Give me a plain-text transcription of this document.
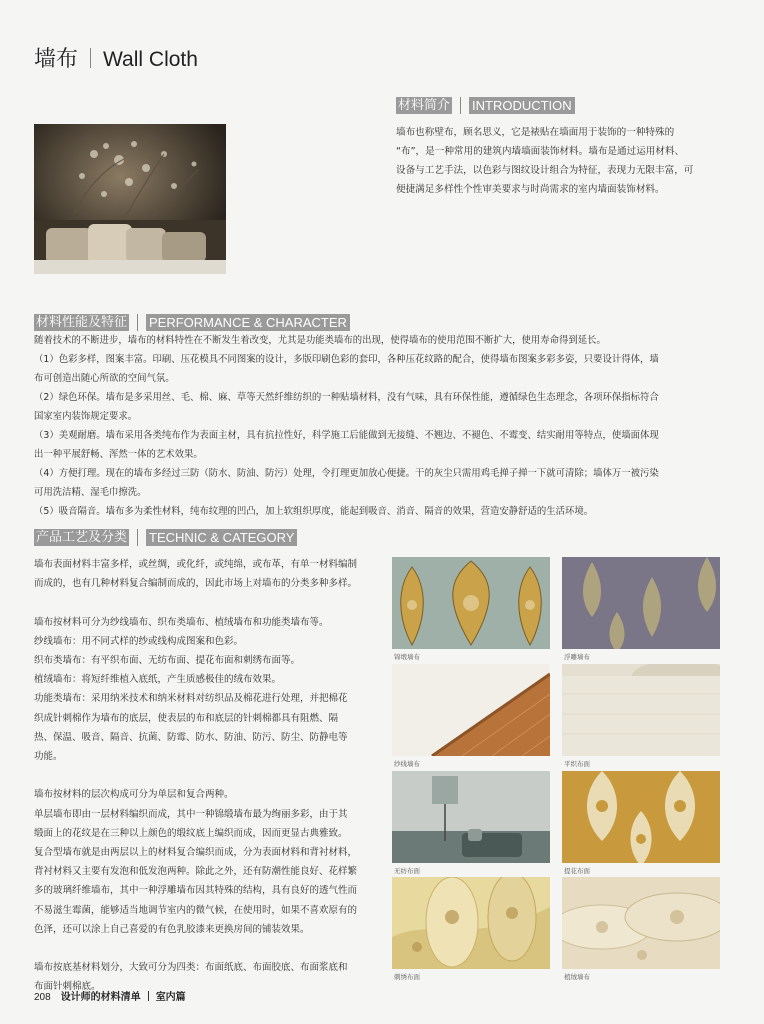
墙布 Wall Cloth
材料简介 INTRODUCTION

墙布也称壁布，顾名思义，它是裱贴在墙面用于装饰的一种特殊的

“布”，是一种常用的建筑内墙墙面装饰材料。墙布是通过运用材料、

设备与工艺手法，以色彩与图纹设计组合为特征，表现力无限丰富，可

便捷满足多样性个性审美要求与时尚需求的室内墙面装饰材料。

材料性能及特征 PERFORMANCE & CHARACTER

随着技术的不断进步，墙布的材料特性在不断发生着改变，尤其是功能类墙布的出现，使得墙布的使用范围不断扩大，使用寿命得到延长。

（1）色彩多样，图案丰富。印刷、压花模具不同图案的设计，多版印刷色彩的套印，各种压花纹路的配合，使得墙布图案多彩多姿，只要设计得体，墙

布可创造出随心所欲的空间气氛。

（2）绿色环保。墙布是多采用丝、毛、棉、麻、草等天然纤维纺织的一种贴墙材料，没有气味，具有环保性能，遵循绿色生态理念，各项环保指标符合

国家室内装饰规定要求。

（3）美观耐磨。墙布采用各类纯布作为表面主材，具有抗拉性好，科学施工后能做到无接缝、不翘边、不褪色、不霉变、结实耐用等特点，使墙面体现

出一种平展舒畅、浑然一体的艺术效果。

（4）方便打理。现在的墙布多经过三防（防水、防油、防污）处理，令打理更加放心便捷。干的灰尘只需用鸡毛掸子掸一下就可清除；墙体万一被污染

可用洗洁精、湿毛巾擦洗。

（5）吸音隔音。墙布多为柔性材料，纯布纹理的凹凸，加上软组织厚度，能起到吸音、消音、隔音的效果，营造安静舒适的生活环境。

产品工艺及分类 TECHNIC & CATEGORY

墙布表面材料丰富多样，或丝绸，或化纤，或纯绵，或布革，有单一材料编制

而成的，也有几种材料复合编制而成的，因此市场上对墙布的分类多种多样。

墙布按材料可分为纱线墙布、织布类墙布、植绒墙布和功能类墙布等。

纱线墙布：用不同式样的纱或线构成图案和色彩。

织布类墙布：有平织布面、无纺布面、提花布面和刺绣布面等。

植绒墙布：将短纤维植入底纸，产生质感极佳的绒布效果。

功能类墙布：采用纳米技术和纳米材料对纺织品及棉花进行处理，并把棉花

织成针刺棉作为墙布的底层，使表层的布和底层的针刺棉都具有阻燃、隔

热、保温、吸音、隔音、抗菌、防霉、防水、防油、防污、防尘、防静电等

功能。

墙布按材料的层次构成可分为单层和复合两种。

单层墙布即由一层材料编织而成，其中一种锦缎墙布最为绚丽多彩，由于其

缎面上的花纹是在三种以上颜色的缎纹底上编织而成，因而更显古典雅致。

复合型墙布就是由两层以上的材料复合编织而成，分为表面材料和背衬材料，

背衬材料又主要有发泡和低发泡两种。除此之外，还有防潮性能良好、花样繁

多的玻璃纤维墙布，其中一种浮雕墙布因其特殊的结构，具有良好的透气性而

不易滋生霉菌，能够适当地调节室内的微气候，在使用时，如果不喜欢原有的

色泽，还可以涂上自己喜爱的有色乳胶漆来更换房间的铺装效果。

墙布按底基材料划分，大致可分为四类：布面纸底、布面胶底、布面浆底和

布面针刺棉底。

锦缎墙布	浮雕墙布
纱线墙布	平织布面
无纺布面	提花布面
刺绣布面	植绒墙布
208 设计师的材料清单 室内篇
